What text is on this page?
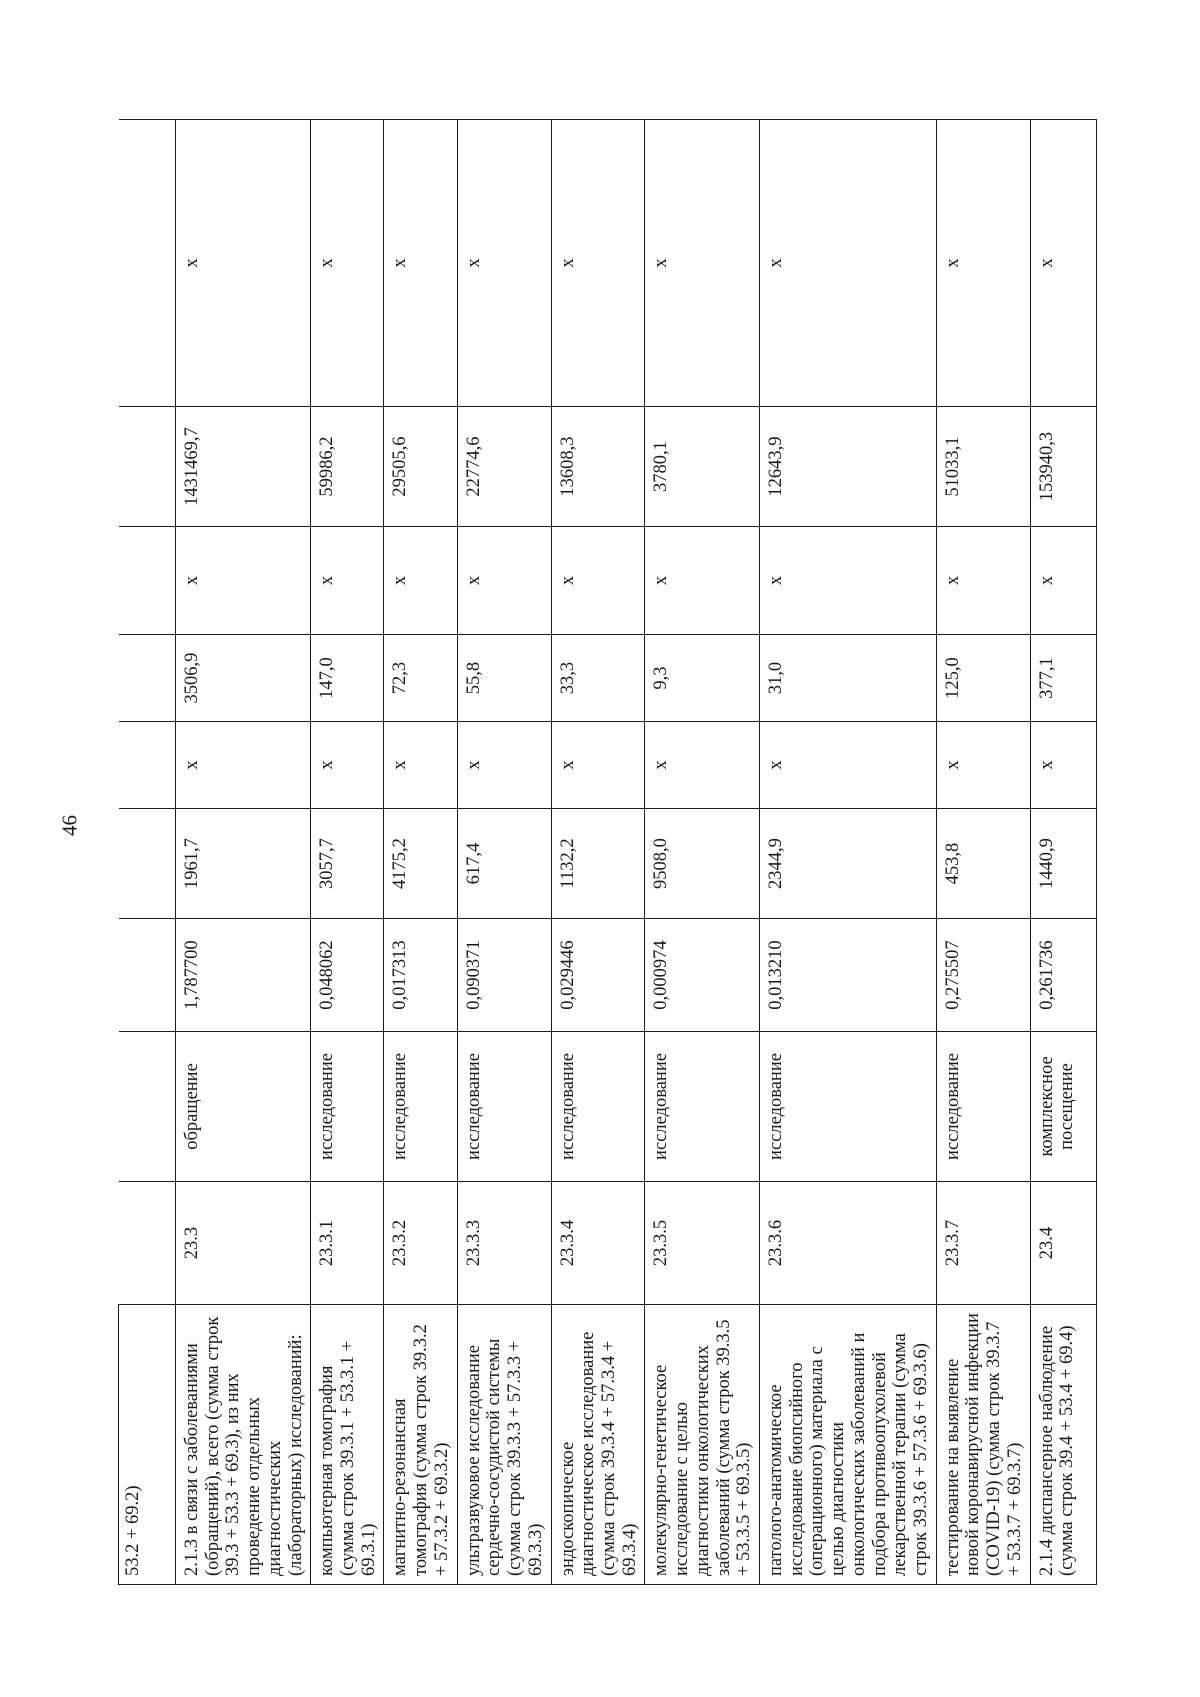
46
53.2 + 69.2)									
2.1.3 в связи с заболеваниями (обращений), всего (сумма строк 39.3 + 53.3 + 69.3), из них проведение отдельных диагностических (лабораторных) исследований:	23.3	обращение	1,787700	1961,7	х	3506,9	х	1431469,7	х
компьютерная томография (сумма строк 39.3.1 + 53.3.1 + 69.3.1)	23.3.1	исследование	0,048062	3057,7	х	147,0	х	59986,2	х
магнитно-резонансная томография (сумма строк 39.3.2 + 57.3.2 + 69.3.2)	23.3.2	исследование	0,017313	4175,2	х	72,3	х	29505,6	х
ультразвуковое исследование сердечно-сосудистой системы (сумма строк 39.3.3 + 57.3.3 + 69.3.3)	23.3.3	исследование	0,090371	617,4	х	55,8	х	22774,6	х
эндоскопическое диагностическое исследование (сумма строк 39.3.4 + 57.3.4 + 69.3.4)	23.3.4	исследование	0,029446	1132,2	х	33,3	х	13608,3	х
молекулярно-генетическое исследование с целью диагностики онкологических заболеваний (сумма строк 39.3.5 + 53.3.5 + 69.3.5)	23.3.5	исследование	0,000974	9508,0	х	9,3	х	3780,1	х
патолого-анатомическое исследование биопсийного (операционного) материала с целью диагностики онкологических заболеваний и подбора противоопухолевой лекарственной терапии (сумма строк 39.3.6 + 57.3.6 + 69.3.6)	23.3.6	исследование	0,013210	2344,9	х	31,0	х	12643,9	х
тестирование на выявление новой коронавирусной инфекции (COVID-19) (сумма строк 39.3.7 + 53.3.7 + 69.3.7)	23.3.7	исследование	0,275507	453,8	х	125,0	х	51033,1	х
2.1.4 диспансерное наблюдение (сумма строк 39.4 + 53.4 + 69.4)	23.4	комплексное посещение	0,261736	1440,9	х	377,1	х	153940,3	х
